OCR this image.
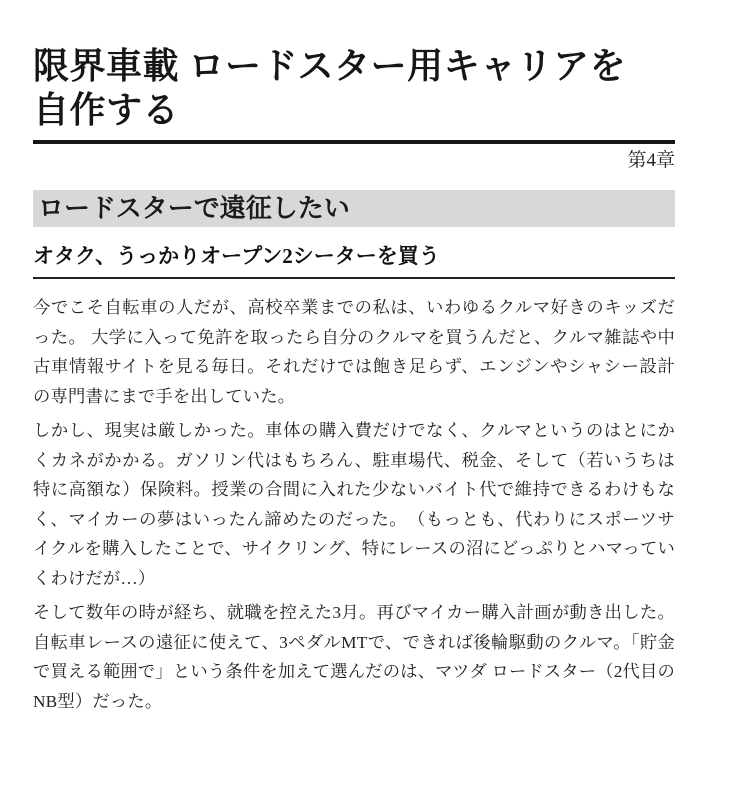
限界車載 ロードスター用キャリアを
自作する
第4章
ロードスターで遠征したい
オタク、うっかりオープン2シーターを買う

今でこそ自転車の人だが、高校卒業までの私は、いわゆるクルマ好きのキッズだった。 大学に入って免許を取ったら自分のクルマを買うんだと、クルマ雑誌や中古車情報サイトを見る毎日。それだけでは飽き足らず、エンジンやシャシー設計の専門書にまで手を出していた。

しかし、現実は厳しかった。車体の購入費だけでなく、クルマというのはとにかくカネがかかる。ガソリン代はもちろん、駐車場代、税金、そして（若いうちは特に高額な）保険料。授業の合間に入れた少ないバイト代で維持できるわけもなく、マイカーの夢はいったん諦めたのだった。　（もっとも、代わりにスポーツサイクルを購入したことで、サイクリング、特にレースの沼にどっぷりとハマっていくわけだが…）

そして数年の時が経ち、就職を控えた3月。再びマイカー購入計画が動き出した。 自転車レースの遠征に使えて、3ペダルMTで、できれば後輪駆動のクルマ。「貯金で買える範囲で」という条件を加えて選んだのは、マツダ ロードスター（2代目のNB型）だった。
